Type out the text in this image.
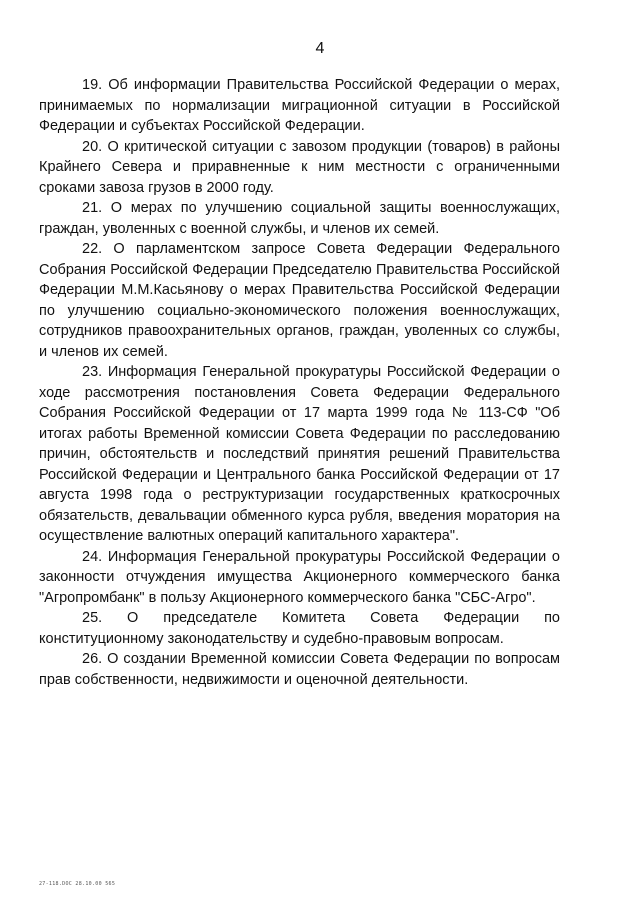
4

19. Об информации Правительства Российской Федерации о мерах, принимаемых по нормализации миграционной ситуации в Российской Федерации и субъектах Российской Федерации.

20. О критической ситуации с завозом продукции (товаров) в районы Крайнего Севера и приравненные к ним местности с ограниченными сроками завоза грузов в 2000 году.

21. О мерах по улучшению социальной защиты военнослужащих, граждан, уволенных с военной службы, и членов их семей.

22. О парламентском запросе Совета Федерации Федерального Собрания Российской Федерации Председателю Правительства Российской Федерации М.М.Касьянову о мерах Правительства Российской Федерации по улучшению социально-экономического положения военнослужащих, сотрудников правоохранительных органов, граждан, уволенных со службы, и членов их семей.

23. Информация Генеральной прокуратуры Российской Федерации о ходе рассмотрения постановления Совета Федерации Федерального Собрания Российской Федерации от 17 марта 1999 года № 113-СФ "Об итогах работы Временной комиссии Совета Федерации по расследованию причин, обстоятельств и последствий принятия решений Правительства Российской Федерации и Центрального банка Российской Федерации от 17 августа 1998 года о реструктуризации государственных краткосрочных обязательств, девальвации обменного курса рубля, введения моратория на осуществление валютных операций капитального характера".

24. Информация Генеральной прокуратуры Российской Федерации о законности отчуждения имущества Акционерного коммерческого банка "Агропромбанк" в пользу Акционерного коммерческого банка "СБС-Агро".

25. О председателе Комитета Совета Федерации по конституционному законодательству и судебно-правовым вопросам.

26. О создании Временной комиссии Совета Федерации по вопросам прав собственности, недвижимости и оценочной деятельности.

27-118.DOC 28.10.00 565
